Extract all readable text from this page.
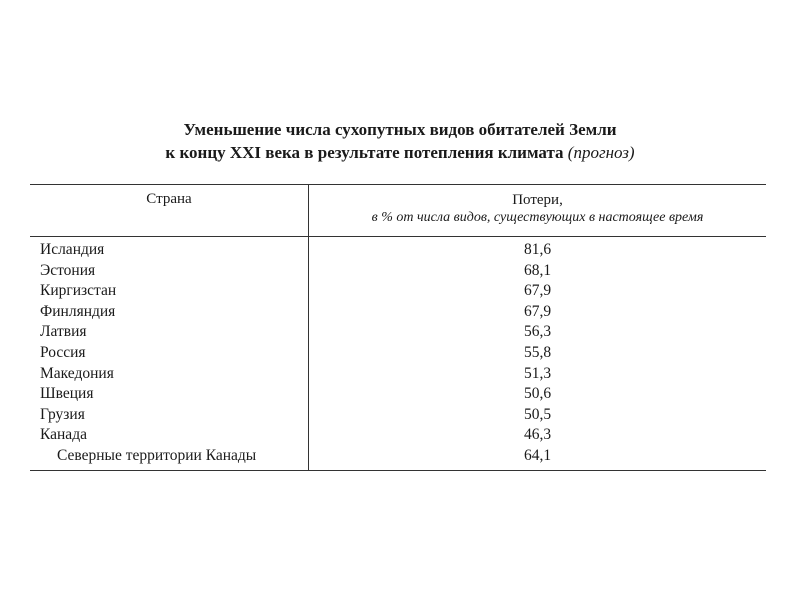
Уменьшение числа сухопутных видов обитателей Земли
к концу XXI века в результате потепления климата (прогноз)
Страна	Потери,
в % от числа видов, существующих в настоящее время
Исландия
Эстония
Киргизстан
Финляндия
Латвия
Россия
Македония
Швеция
Грузия
Канада
Северные территории Канады
81,6
68,1
67,9
67,9
56,3
55,8
51,3
50,6
50,5
46,3
64,1
